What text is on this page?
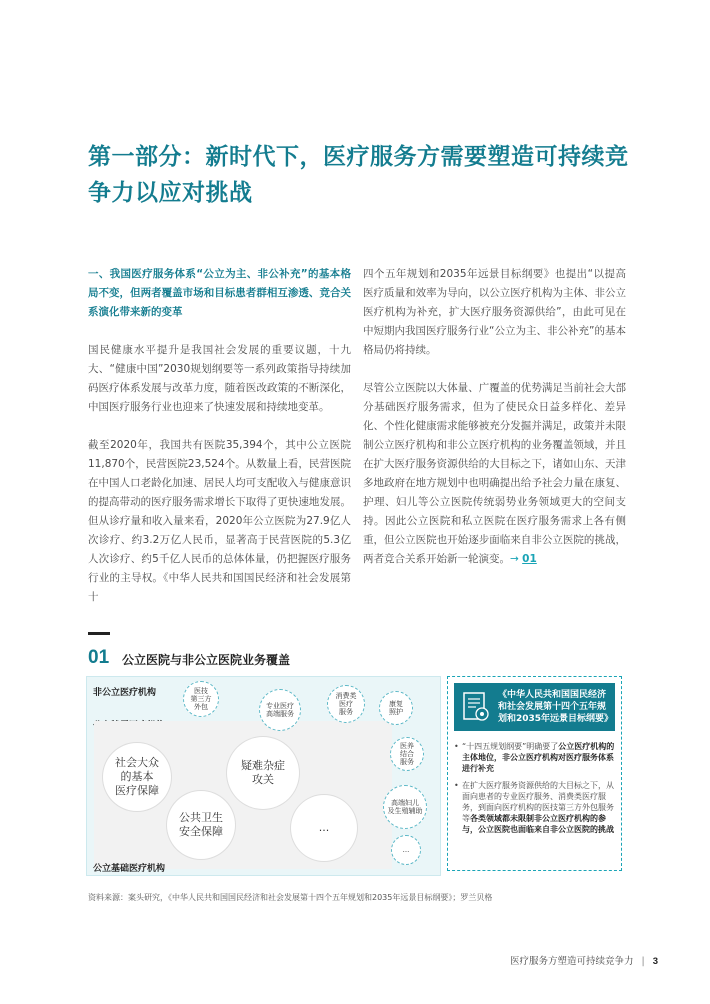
第一部分：新时代下，医疗服务方需要塑造可持续竞争力以应对挑战

一、我国医疗服务体系“公立为主、非公补充”的基本格局不变，但两者覆盖市场和目标患者群相互渗透、竞合关系演化带来新的变革

国民健康水平提升是我国社会发展的重要议题，十九大、“健康中国”2030规划纲要等一系列政策指导持续加码医疗体系发展与改革力度，随着医改政策的不断深化，中国医疗服务行业也迎来了快速发展和持续地变革。

截至2020年，我国共有医院35,394个，其中公立医院11,870个，民营医院23,524个。从数量上看，民营医院在中国人口老龄化加速、居民人均可支配收入与健康意识的提高带动的医疗服务需求增长下取得了更快速地发展。但从诊疗量和收入量来看，2020年公立医院为27.9亿人次诊疗、约3.2万亿人民币，显著高于民营医院的5.3亿人次诊疗、约5千亿人民币的总体体量，仍把握医疗服务行业的主导权。《中华人民共和国国民经济和社会发展第十

四个五年规划和2035年远景目标纲要》也提出“以提高医疗质量和效率为导向，以公立医疗机构为主体、非公立医疗机构为补充，扩大医疗服务资源供给”，由此可见在中短期内我国医疗服务行业“公立为主、非公补充”的基本格局仍将持续。

尽管公立医院以大体量、广覆盖的优势满足当前社会大部分基础医疗服务需求，但为了使民众日益多样化、差异化、个性化健康需求能够被充分发掘并满足，政策并未限制公立医疗机构和非公立医疗机构的业务覆盖领域，并且在扩大医疗服务资源供给的大目标之下，诸如山东、天津多地政府在地方规划中也明确提出给予社会力量在康复、护理、妇儿等公立医院传统弱势业务领域更大的空间支持。因此公立医院和私立医院在医疗服务需求上各有侧重，但公立医院也开始逐步面临来自非公立医院的挑战，两者竞合关系开始新一轮演变。→ 01

01 公立医院与非公立医院业务覆盖
非公立医疗机构
公立基础医疗机构
社会大众
的基本
医疗保障
疑难杂症
攻关
公共卫生
安全保障	...
医技
第三方
外包	专业医疗
高端服务
消费类
医疗
服务
康复
照护
医养
结合
服务
高端妇儿
及生殖辅助
...
《中华人民共和国国民经济和社会发展第十四个五年规划和2035年远景目标纲要》
• “十四五规划纲要”明确要了公立医疗机构的主体地位，非公立医疗机构对医疗服务体系进行补充
• 在扩大医疗服务资源供给的大目标之下，从面向患者的专业医疗服务、消费类医疗服务，到面向医疗机构的医技第三方外包服务等各类领域都未限制非公立医疗机构的参与，公立医院也面临来自非公立医院的挑战
资料来源：案头研究，《中华人民共和国国民经济和社会发展第十四个五年规划和2035年远景目标纲要》；罗兰贝格
医疗服务方塑造可持续竞争力 | 3
